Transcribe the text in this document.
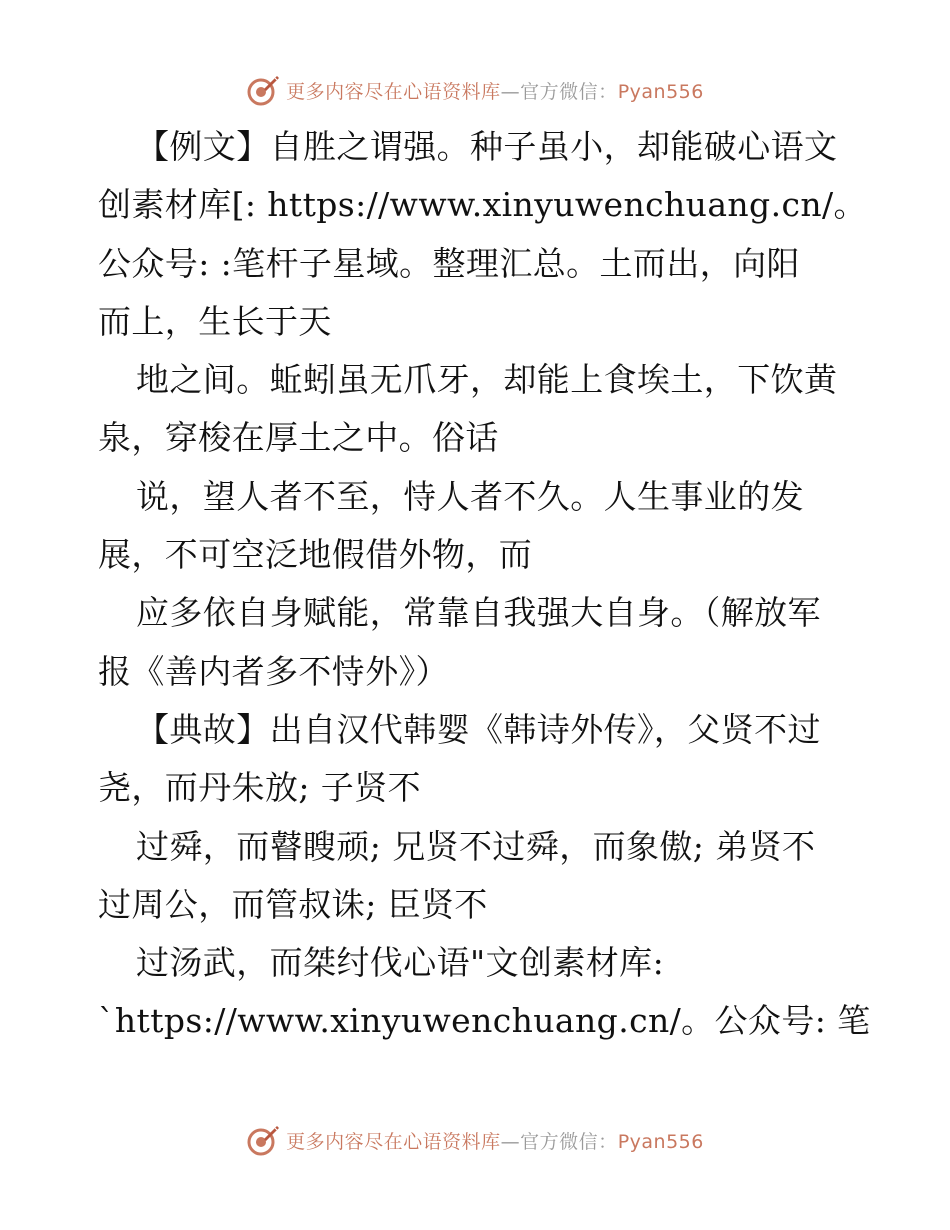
更多内容尽在心语资料库—官方微信：Pyan556
【例文】自胜之谓强。种子虽小，却能破心语文
创素材库[: https://www.xinyuwenchuang.cn/。
公众号: :笔杆子星域。整理汇总。土而出，向阳
而上，生长于天
地之间。蚯蚓虽无爪牙，却能上食埃土，下饮黄
泉，穿梭在厚土之中。俗话
说，望人者不至，恃人者不久。人生事业的发
展，不可空泛地假借外物，而
应多依自身赋能，常靠自我强大自身。（解放军
报《善内者多不恃外》）
【典故】出自汉代韩婴《韩诗外传》，父贤不过
尧，而丹朱放; 子贤不
过舜，而瞽瞍顽; 兄贤不过舜，而象傲; 弟贤不
过周公，而管叔诛; 臣贤不
过汤武，而桀纣伐心语"文创素材库:
`https://www.xinyuwenchuang.cn/。公众号: 笔
更多内容尽在心语资料库—官方微信：Pyan556
